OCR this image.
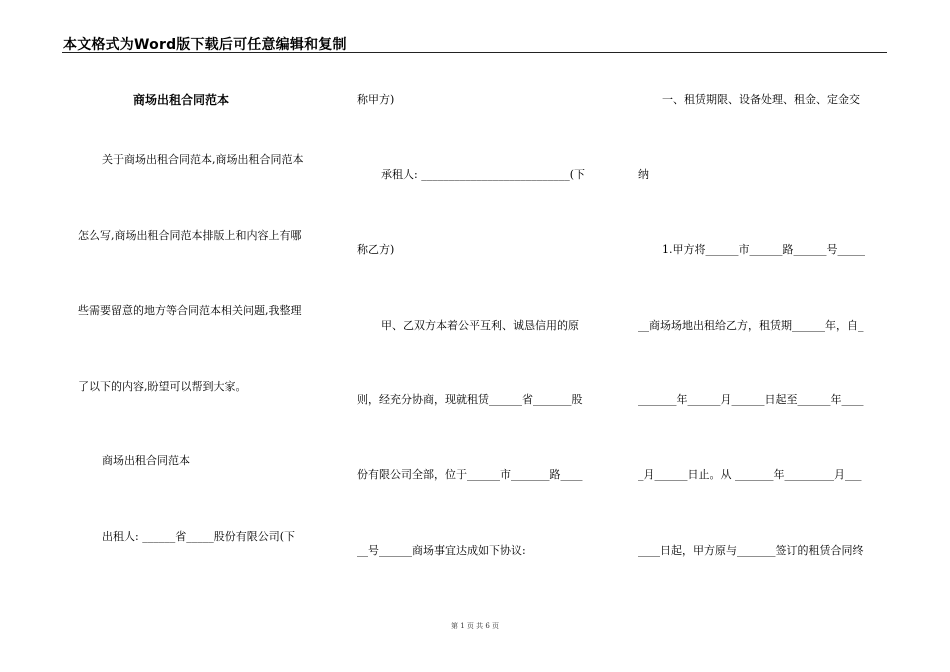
本文格式为Word版下载后可任意编辑和复制
商场出租合同范本
关于商场出租合同范本,商场出租合同范本
怎么写,商场出租合同范本排版上和内容上有哪
些需要留意的地方等合同范本相关问题,我整理
了以下的内容,盼望可以帮到大家。
商场出租合同范本
出租人: ______省_____股份有限公司(下
称甲方)
承租人: ___________________________(下
称乙方)
甲、乙双方本着公平互利、诚恳信用的原
则，经充分协商，现就租赁______省_______股
份有限公司全部，位于______市_______路____
__号______商场事宜达成如下协议:
一、租赁期限、设备处理、租金、定金交
纳
1.甲方将______市______路______号_____
__商场场地出租给乙方，租赁期______年，自_
_______年______月______日起至______年____
_月______日止。从 _______年_________月___
____日起，甲方原与_______签订的租赁合同终
第 1 页 共 6 页
